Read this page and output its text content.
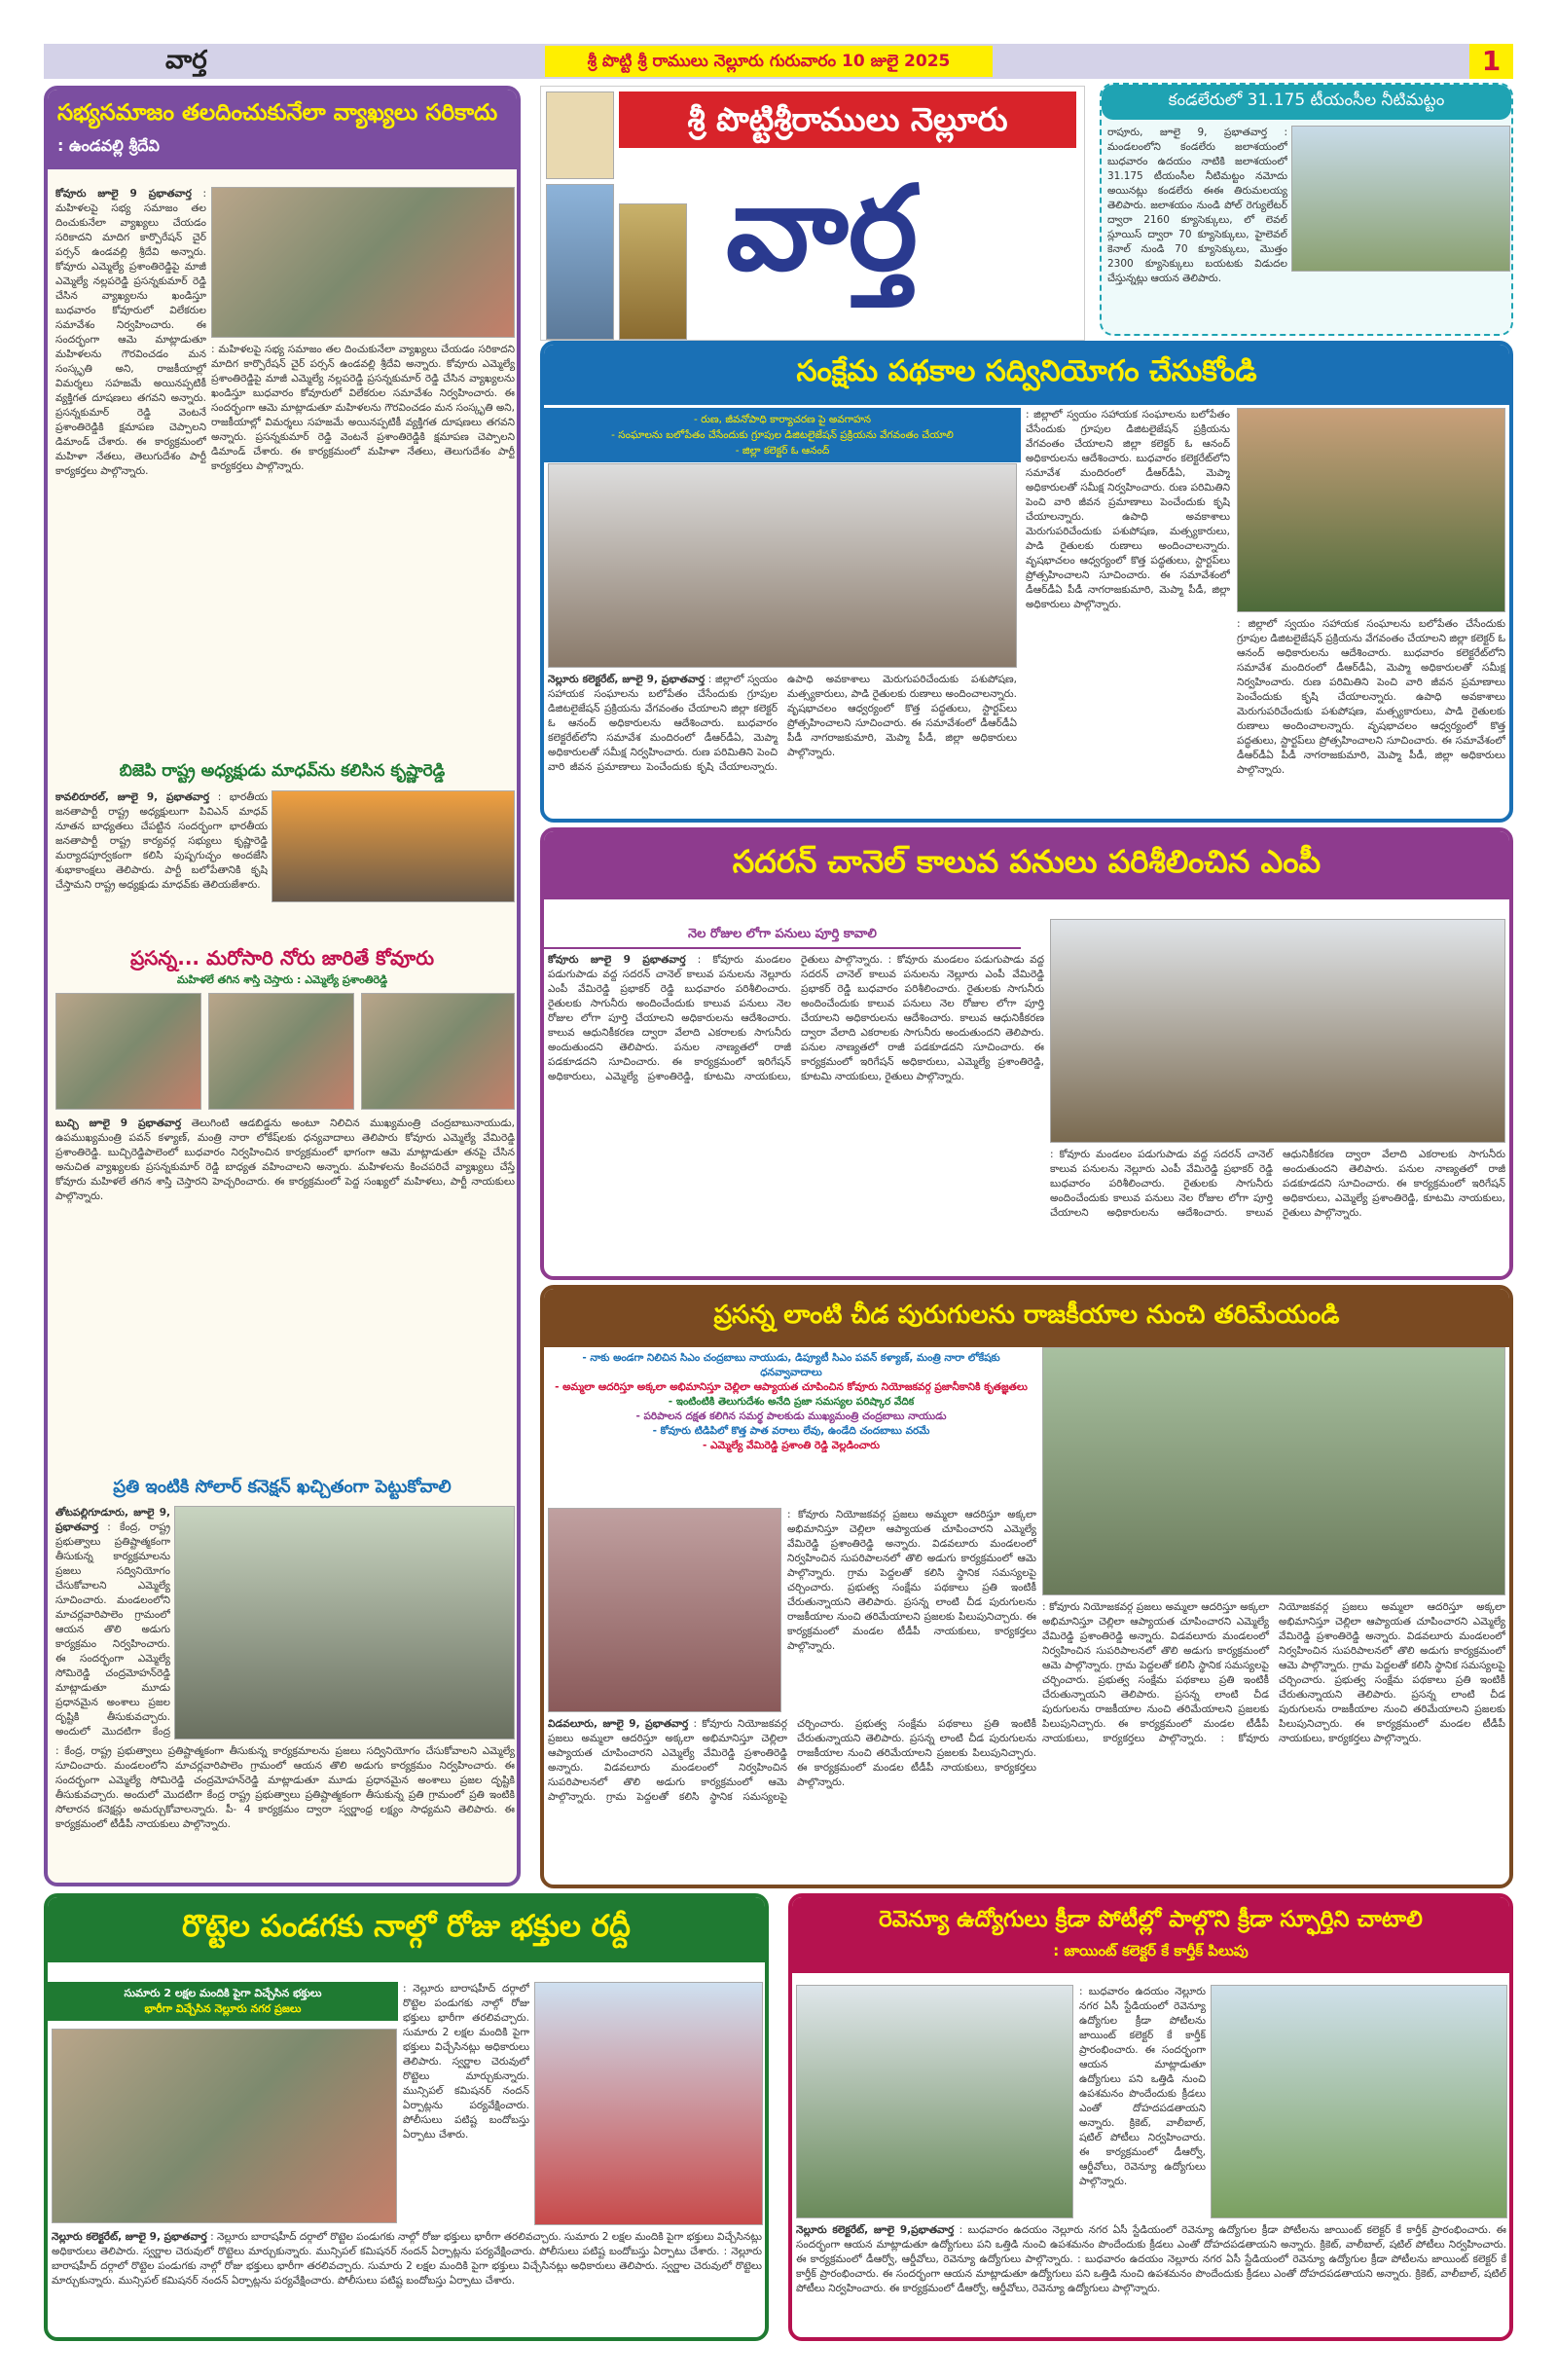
వార్త	శ్రీ పొట్టి శ్రీ రాములు నెల్లూరు గురువారం 10 జులై 2025	1
శ్రీ పొట్టిశ్రీరాములు నెల్లూరు
వార్త
కండలేరులో 31.175 టీయంసీల నీటిమట్టం
రాపూరు, జూలై 9, ప్రభాతవార్త : మండలంలోని కండలేరు జలాశయంలో బుధవారం ఉదయం నాటికి జలాశయంలో 31.175 టీయంసీల నీటిమట్టం నమోదు అయినట్లు కండలేరు ఈఈ తిరుమలయ్య తెలిపారు. జలాశయం నుండి పోల్ రెగ్యులేటర్ ద్వారా 2160 క్యూసెక్కులు, లో లెవల్ స్లూయిస్ ద్వారా 70 క్యూసెక్కులు, హైలెవల్ కెనాల్ నుండి 70 క్యూసెక్కులు, మొత్తం 2300 క్యూసెక్కులు బయటకు విడుదల చేస్తున్నట్లు ఆయన తెలిపారు.
సభ్యసమాజం తలదించుకునేలా వ్యాఖ్యలు సరికాదు
: ఉండవల్లి శ్రీదేవి
కోవూరు జూలై 9 ప్రభాతవార్త : మహిళలపై సభ్య సమాజం తల దించుకునేలా వ్యాఖ్యలు చేయడం సరికాదని మాదిగ కార్పొరేషన్ చైర్ పర్సన్ ఉండవల్లి శ్రీదేవి అన్నారు. కోవూరు ఎమ్మెల్యే ప్రశాంతిరెడ్డిపై మాజీ ఎమ్మెల్యే నల్లపరెడ్డి ప్రసన్నకుమార్ రెడ్డి చేసిన వ్యాఖ్యలను ఖండిస్తూ బుధవారం కోవూరులో విలేకరుల సమావేశం నిర్వహించారు. ఈ సందర్భంగా ఆమె మాట్లాడుతూ మహిళలను గౌరవించడం మన సంస్కృతి అని, రాజకీయాల్లో విమర్శలు సహజమే అయినప్పటికీ వ్యక్తిగత దూషణలు తగవని అన్నారు. ప్రసన్నకుమార్ రెడ్డి వెంటనే ప్రశాంతిరెడ్డికి క్షమాపణ చెప్పాలని డిమాండ్ చేశారు. ఈ కార్యక్రమంలో మహిళా నేతలు, తెలుగుదేశం పార్టీ కార్యకర్తలు పాల్గొన్నారు.
: మహిళలపై సభ్య సమాజం తల దించుకునేలా వ్యాఖ్యలు చేయడం సరికాదని మాదిగ కార్పొరేషన్ చైర్ పర్సన్ ఉండవల్లి శ్రీదేవి అన్నారు. కోవూరు ఎమ్మెల్యే ప్రశాంతిరెడ్డిపై మాజీ ఎమ్మెల్యే నల్లపరెడ్డి ప్రసన్నకుమార్ రెడ్డి చేసిన వ్యాఖ్యలను ఖండిస్తూ బుధవారం కోవూరులో విలేకరుల సమావేశం నిర్వహించారు. ఈ సందర్భంగా ఆమె మాట్లాడుతూ మహిళలను గౌరవించడం మన సంస్కృతి అని, రాజకీయాల్లో విమర్శలు సహజమే అయినప్పటికీ వ్యక్తిగత దూషణలు తగవని అన్నారు. ప్రసన్నకుమార్ రెడ్డి వెంటనే ప్రశాంతిరెడ్డికి క్షమాపణ చెప్పాలని డిమాండ్ చేశారు. ఈ కార్యక్రమంలో మహిళా నేతలు, తెలుగుదేశం పార్టీ కార్యకర్తలు పాల్గొన్నారు.
బిజెపి రాష్ట్ర అధ్యక్షుడు మాధవ్‌ను కలిసిన కృష్ణారెడ్డి
కావలిరూరల్, జూలై 9, ప్రభాతవార్త : భారతీయ జనతాపార్టీ రాష్ట్ర అధ్యక్షులుగా పివిఎన్ మాధవ్ నూతన బాధ్యతలు చేపట్టిన సందర్భంగా భారతీయ జనతాపార్టీ రాష్ట్ర కార్యవర్గ సభ్యులు కృష్ణారెడ్డి మర్యాదపూర్వకంగా కలిసి పుష్పగుచ్ఛం అందజేసి శుభాకాంక్షలు తెలిపారు. పార్టీ బలోపేతానికి కృషి చేస్తామని రాష్ట్ర అధ్యక్షుడు మాధవ్‌కు తెలియజేశారు.
ప్రసన్న... మరోసారి నోరు జారితే కోవూరు
మహిళలే తగిన శాస్తి చెస్తారు : ఎమ్మెల్యే ప్రశాంతిరెడ్డి
బుచ్చి జూలై 9 ప్రభాతవార్త తెలుగింటి ఆడబిడ్డను అంటూ నిలిచిన ముఖ్యమంత్రి చంద్రబాబునాయుడు, ఉపముఖ్యమంత్రి పవన్ కళ్యాణ్, మంత్రి నారా లోకేష్‌లకు ధన్యవాదాలు తెలిపారు కోవూరు ఎమ్మెల్యే వేమిరెడ్డి ప్రశాంతిరెడ్డి. బుచ్చిరెడ్డిపాలెంలో బుధవారం నిర్వహించిన కార్యక్రమంలో భాగంగా ఆమె మాట్లాడుతూ తనపై చేసిన అనుచిత వ్యాఖ్యలకు ప్రసన్నకుమార్ రెడ్డి బాధ్యత వహించాలని అన్నారు. మహిళలను కించపరిచే వ్యాఖ్యలు చేస్తే కోవూరు మహిళలే తగిన శాస్తి చెస్తారని హెచ్చరించారు. ఈ కార్యక్రమంలో పెద్ద సంఖ్యలో మహిళలు, పార్టీ నాయకులు పాల్గొన్నారు.
ప్రతి ఇంటికి సోలార్ కనెక్షన్ ఖచ్చితంగా పెట్టుకోవాలి
తోటపల్లిగూడూరు, జూలై 9, ప్రభాతవార్త : కేంద్ర, రాష్ట్ర ప్రభుత్వాలు ప్రతిష్టాత్మకంగా తీసుకున్న కార్యక్రమాలను ప్రజలు సద్వినియోగం చేసుకోవాలని ఎమ్మెల్యే సూచించారు. మండలంలోని మాచర్లవారిపాలెం గ్రామంలో ఆయన తొలి అడుగు కార్యక్రమం నిర్వహించారు. ఈ సందర్భంగా ఎమ్మెల్యే సోమిరెడ్డి చంద్రమోహన్‌రెడ్డి మాట్లాడుతూ మూడు ప్రధానమైన అంశాలు ప్రజల దృష్టికి తీసుకువచ్చారు. అందులో మొదటిగా కేంద్ర
: కేంద్ర, రాష్ట్ర ప్రభుత్వాలు ప్రతిష్టాత్మకంగా తీసుకున్న కార్యక్రమాలను ప్రజలు సద్వినియోగం చేసుకోవాలని ఎమ్మెల్యే సూచించారు. మండలంలోని మాచర్లవారిపాలెం గ్రామంలో ఆయన తొలి అడుగు కార్యక్రమం నిర్వహించారు. ఈ సందర్భంగా ఎమ్మెల్యే సోమిరెడ్డి చంద్రమోహన్‌రెడ్డి మాట్లాడుతూ మూడు ప్రధానమైన అంశాలు ప్రజల దృష్టికి తీసుకువచ్చారు. అందులో మొదటిగా కేంద్ర రాష్ట్ర ప్రభుత్వాలు ప్రతిష్టాత్మకంగా తీసుకున్న ప్రతి గ్రామంలో ప్రతి ఇంటికి సోలారన కనెక్షన్లు అమర్చుకోవాలన్నారు. పీ- 4 కార్యక్రమం ద్వారా స్వర్ణాంధ్ర లక్ష్యం సాధ్యమని తెలిపారు. ఈ కార్యక్రమంలో టీడీపీ నాయకులు పాల్గొన్నారు.
సంక్షేమ పథకాల సద్వినియోగం చేసుకోండి
- రుణ, జీవనోపాధి కార్యాచరణ పై అవగాహన
- సంఘాలను బలోపేతం చేసేందుకు గ్రూపుల డిజిటలైజేషన్ ప్రక్రియను వేగవంతం చేయాలి
- జిల్లా కలెక్టర్ ఓ ఆనంద్
నెల్లూరు కలెక్టరేట్, జూలై 9, ప్రభాతవార్త : జిల్లాలో స్వయం సహాయక సంఘాలను బలోపేతం చేసేందుకు గ్రూపుల డిజిటలైజేషన్ ప్రక్రియను వేగవంతం చేయాలని జిల్లా కలెక్టర్ ఓ ఆనంద్ అధికారులను ఆదేశించారు. బుధవారం కలెక్టరేట్‌లోని సమావేశ మందిరంలో డీఆర్‌డీఏ, మెప్మా అధికారులతో సమీక్ష నిర్వహించారు. రుణ పరిమితిని పెంచి వారి జీవన ప్రమాణాలు పెంచేందుకు కృషి చేయాలన్నారు. ఉపాధి అవకాశాలు మెరుగుపరిచేందుకు పశుపోషణ, మత్స్యకారులు, పాడి రైతులకు రుణాలు అందించాలన్నారు. వృషభాచలం ఆధ్వర్యంలో కొత్త పద్ధతులు, స్టార్టప్‌లు ప్రోత్సహించాలని సూచించారు. ఈ సమావేశంలో డీఆర్‌డీఏ పీడీ నాగరాజకుమారి, మెప్మా పీడీ, జిల్లా అధికారులు పాల్గొన్నారు.
: జిల్లాలో స్వయం సహాయక సంఘాలను బలోపేతం చేసేందుకు గ్రూపుల డిజిటలైజేషన్ ప్రక్రియను వేగవంతం చేయాలని జిల్లా కలెక్టర్ ఓ ఆనంద్ అధికారులను ఆదేశించారు. బుధవారం కలెక్టరేట్‌లోని సమావేశ మందిరంలో డీఆర్‌డీఏ, మెప్మా అధికారులతో సమీక్ష నిర్వహించారు. రుణ పరిమితిని పెంచి వారి జీవన ప్రమాణాలు పెంచేందుకు కృషి చేయాలన్నారు. ఉపాధి అవకాశాలు మెరుగుపరిచేందుకు పశుపోషణ, మత్స్యకారులు, పాడి రైతులకు రుణాలు అందించాలన్నారు. వృషభాచలం ఆధ్వర్యంలో కొత్త పద్ధతులు, స్టార్టప్‌లు ప్రోత్సహించాలని సూచించారు. ఈ సమావేశంలో డీఆర్‌డీఏ పీడీ నాగరాజకుమారి, మెప్మా పీడీ, జిల్లా అధికారులు పాల్గొన్నారు.
: జిల్లాలో స్వయం సహాయక సంఘాలను బలోపేతం చేసేందుకు గ్రూపుల డిజిటలైజేషన్ ప్రక్రియను వేగవంతం చేయాలని జిల్లా కలెక్టర్ ఓ ఆనంద్ అధికారులను ఆదేశించారు. బుధవారం కలెక్టరేట్‌లోని సమావేశ మందిరంలో డీఆర్‌డీఏ, మెప్మా అధికారులతో సమీక్ష నిర్వహించారు. రుణ పరిమితిని పెంచి వారి జీవన ప్రమాణాలు పెంచేందుకు కృషి చేయాలన్నారు. ఉపాధి అవకాశాలు మెరుగుపరిచేందుకు పశుపోషణ, మత్స్యకారులు, పాడి రైతులకు రుణాలు అందించాలన్నారు. వృషభాచలం ఆధ్వర్యంలో కొత్త పద్ధతులు, స్టార్టప్‌లు ప్రోత్సహించాలని సూచించారు. ఈ సమావేశంలో డీఆర్‌డీఏ పీడీ నాగరాజకుమారి, మెప్మా పీడీ, జిల్లా అధికారులు పాల్గొన్నారు.
సదరన్ చానెల్ కాలువ పనులు పరిశీలించిన ఎంపీ
నెల రోజుల లోగా పనులు పూర్తి కావాలి
కోవూరు జూలై 9 ప్రభాతవార్త : కోవూరు మండలం పడుగుపాడు వద్ద సదరన్ చానెల్ కాలువ పనులను నెల్లూరు ఎంపీ వేమిరెడ్డి ప్రభాకర్ రెడ్డి బుధవారం పరిశీలించారు. రైతులకు సాగునీరు అందించేందుకు కాలువ పనులు నెల రోజుల లోగా పూర్తి చేయాలని అధికారులను ఆదేశించారు. కాలువ ఆధునికీకరణ ద్వారా వేలాది ఎకరాలకు సాగునీరు అందుతుందని తెలిపారు. పనుల నాణ్యతలో రాజీ పడకూడదని సూచించారు. ఈ కార్యక్రమంలో ఇరిగేషన్ అధికారులు, ఎమ్మెల్యే ప్రశాంతిరెడ్డి, కూటమి నాయకులు, రైతులు పాల్గొన్నారు. : కోవూరు మండలం పడుగుపాడు వద్ద సదరన్ చానెల్ కాలువ పనులను నెల్లూరు ఎంపీ వేమిరెడ్డి ప్రభాకర్ రెడ్డి బుధవారం పరిశీలించారు. రైతులకు సాగునీరు అందించేందుకు కాలువ పనులు నెల రోజుల లోగా పూర్తి చేయాలని అధికారులను ఆదేశించారు. కాలువ ఆధునికీకరణ ద్వారా వేలాది ఎకరాలకు సాగునీరు అందుతుందని తెలిపారు. పనుల నాణ్యతలో రాజీ పడకూడదని సూచించారు. ఈ కార్యక్రమంలో ఇరిగేషన్ అధికారులు, ఎమ్మెల్యే ప్రశాంతిరెడ్డి, కూటమి నాయకులు, రైతులు పాల్గొన్నారు.
: కోవూరు మండలం పడుగుపాడు వద్ద సదరన్ చానెల్ కాలువ పనులను నెల్లూరు ఎంపీ వేమిరెడ్డి ప్రభాకర్ రెడ్డి బుధవారం పరిశీలించారు. రైతులకు సాగునీరు అందించేందుకు కాలువ పనులు నెల రోజుల లోగా పూర్తి చేయాలని అధికారులను ఆదేశించారు. కాలువ ఆధునికీకరణ ద్వారా వేలాది ఎకరాలకు సాగునీరు అందుతుందని తెలిపారు. పనుల నాణ్యతలో రాజీ పడకూడదని సూచించారు. ఈ కార్యక్రమంలో ఇరిగేషన్ అధికారులు, ఎమ్మెల్యే ప్రశాంతిరెడ్డి, కూటమి నాయకులు, రైతులు పాల్గొన్నారు.
ప్రసన్న లాంటి చీడ పురుగులను రాజకీయాల నుంచి తరిమేయండి
- నాకు అండగా నిలిచిన సిఎం చంద్రబాబు నాయుడు, డిప్యూటీ సిఎం పవన్ కళ్యాణ్, మంత్రి నారా లోకేషకు ధనవ్వావాదాలు
- అమ్మలా ఆదరిస్తూ అక్కలా అభిమానిస్తూ చెల్లిలా ఆప్యాయత చూపించిన కోవూరు నియోజకవర్గ ప్రజానీకానికి కృతజ్ఞతలు
- ఇంటింటికి తెలుగుదేశం అనేది ప్రజా సమస్యల పరిష్కార వేదిక
- పరిపాలన దక్షత కలిగిన సమర్థ పాలకుడు ముఖ్యమంత్రి చంద్రబాబు నాయుడు
- కోవూరు టిడిపిలో కొత్త పాత వరాలు లేవు, ఉండేది చందబాబు వరమే
- ఎమ్మెల్యే వేమిరెడ్డి ప్రశాంతి రెడ్డి వెల్లడించారు
: కోవూరు నియోజకవర్గ ప్రజలు అమ్మలా ఆదరిస్తూ అక్కలా అభిమానిస్తూ చెల్లిలా ఆప్యాయత చూపించారని ఎమ్మెల్యే వేమిరెడ్డి ప్రశాంతిరెడ్డి అన్నారు. విడవలూరు మండలంలో నిర్వహించిన సుపరిపాలనలో తొలి అడుగు కార్యక్రమంలో ఆమె పాల్గొన్నారు. గ్రామ పెద్దలతో కలిసి స్థానిక సమస్యలపై చర్చించారు. ప్రభుత్వ సంక్షేమ పథకాలు ప్రతి ఇంటికీ చేరుతున్నాయని తెలిపారు. ప్రసన్న లాంటి చీడ పురుగులను రాజకీయాల నుంచి తరిమేయాలని ప్రజలకు పిలుపునిచ్చారు. ఈ కార్యక్రమంలో మండల టీడీపీ నాయకులు, కార్యకర్తలు పాల్గొన్నారు.
విడవలూరు, జూలై 9, ప్రభాతవార్త : కోవూరు నియోజకవర్గ ప్రజలు అమ్మలా ఆదరిస్తూ అక్కలా అభిమానిస్తూ చెల్లిలా ఆప్యాయత చూపించారని ఎమ్మెల్యే వేమిరెడ్డి ప్రశాంతిరెడ్డి అన్నారు. విడవలూరు మండలంలో నిర్వహించిన సుపరిపాలనలో తొలి అడుగు కార్యక్రమంలో ఆమె పాల్గొన్నారు. గ్రామ పెద్దలతో కలిసి స్థానిక సమస్యలపై చర్చించారు. ప్రభుత్వ సంక్షేమ పథకాలు ప్రతి ఇంటికీ చేరుతున్నాయని తెలిపారు. ప్రసన్న లాంటి చీడ పురుగులను రాజకీయాల నుంచి తరిమేయాలని ప్రజలకు పిలుపునిచ్చారు. ఈ కార్యక్రమంలో మండల టీడీపీ నాయకులు, కార్యకర్తలు పాల్గొన్నారు.
: కోవూరు నియోజకవర్గ ప్రజలు అమ్మలా ఆదరిస్తూ అక్కలా అభిమానిస్తూ చెల్లిలా ఆప్యాయత చూపించారని ఎమ్మెల్యే వేమిరెడ్డి ప్రశాంతిరెడ్డి అన్నారు. విడవలూరు మండలంలో నిర్వహించిన సుపరిపాలనలో తొలి అడుగు కార్యక్రమంలో ఆమె పాల్గొన్నారు. గ్రామ పెద్దలతో కలిసి స్థానిక సమస్యలపై చర్చించారు. ప్రభుత్వ సంక్షేమ పథకాలు ప్రతి ఇంటికీ చేరుతున్నాయని తెలిపారు. ప్రసన్న లాంటి చీడ పురుగులను రాజకీయాల నుంచి తరిమేయాలని ప్రజలకు పిలుపునిచ్చారు. ఈ కార్యక్రమంలో మండల టీడీపీ నాయకులు, కార్యకర్తలు పాల్గొన్నారు. : కోవూరు నియోజకవర్గ ప్రజలు అమ్మలా ఆదరిస్తూ అక్కలా అభిమానిస్తూ చెల్లిలా ఆప్యాయత చూపించారని ఎమ్మెల్యే వేమిరెడ్డి ప్రశాంతిరెడ్డి అన్నారు. విడవలూరు మండలంలో నిర్వహించిన సుపరిపాలనలో తొలి అడుగు కార్యక్రమంలో ఆమె పాల్గొన్నారు. గ్రామ పెద్దలతో కలిసి స్థానిక సమస్యలపై చర్చించారు. ప్రభుత్వ సంక్షేమ పథకాలు ప్రతి ఇంటికీ చేరుతున్నాయని తెలిపారు. ప్రసన్న లాంటి చీడ పురుగులను రాజకీయాల నుంచి తరిమేయాలని ప్రజలకు పిలుపునిచ్చారు. ఈ కార్యక్రమంలో మండల టీడీపీ నాయకులు, కార్యకర్తలు పాల్గొన్నారు.
రొట్టెల పండగకు నాల్గో రోజు భక్తుల రద్దీ
సుమారు 2 లక్షల మందికి పైగా విచ్చేసిన భక్తులు
భారీగా విచ్చేసిన నెల్లూరు నగర ప్రజలు
: నెల్లూరు బారాషహీద్ దర్గాలో రొట్టెల పండుగకు నాల్గో రోజు భక్తులు భారీగా తరలివచ్చారు. సుమారు 2 లక్షల మందికి పైగా భక్తులు విచ్చేసినట్లు అధికారులు తెలిపారు. స్వర్ణాల చెరువులో రొట్టెలు మార్చుకున్నారు. మున్సిపల్ కమిషనర్ నందన్ ఏర్పాట్లను పర్యవేక్షించారు. పోలీసులు పటిష్ట బందోబస్తు ఏర్పాటు చేశారు.
నెల్లూరు కలెక్టరేట్, జూలై 9, ప్రభాతవార్త : నెల్లూరు బారాషహీద్ దర్గాలో రొట్టెల పండుగకు నాల్గో రోజు భక్తులు భారీగా తరలివచ్చారు. సుమారు 2 లక్షల మందికి పైగా భక్తులు విచ్చేసినట్లు అధికారులు తెలిపారు. స్వర్ణాల చెరువులో రొట్టెలు మార్చుకున్నారు. మున్సిపల్ కమిషనర్ నందన్ ఏర్పాట్లను పర్యవేక్షించారు. పోలీసులు పటిష్ట బందోబస్తు ఏర్పాటు చేశారు. : నెల్లూరు బారాషహీద్ దర్గాలో రొట్టెల పండుగకు నాల్గో రోజు భక్తులు భారీగా తరలివచ్చారు. సుమారు 2 లక్షల మందికి పైగా భక్తులు విచ్చేసినట్లు అధికారులు తెలిపారు. స్వర్ణాల చెరువులో రొట్టెలు మార్చుకున్నారు. మున్సిపల్ కమిషనర్ నందన్ ఏర్పాట్లను పర్యవేక్షించారు. పోలీసులు పటిష్ట బందోబస్తు ఏర్పాటు చేశారు.
రెవెన్యూ ఉద్యోగులు క్రీడా పోటీల్లో పాల్గొని క్రీడా స్ఫూర్తిని చాటాలి
: జాయింట్ కలెక్టర్ కే కార్తీక్ పిలుపు
: బుధవారం ఉదయం నెల్లూరు నగర ఏసీ స్టేడియంలో రెవెన్యూ ఉద్యోగుల క్రీడా పోటీలను జాయింట్ కలెక్టర్ కే కార్తీక్ ప్రారంభించారు. ఈ సందర్భంగా ఆయన మాట్లాడుతూ ఉద్యోగులు పని ఒత్తిడి నుంచి ఉపశమనం పొందేందుకు క్రీడలు ఎంతో దోహదపడతాయని అన్నారు. క్రికెట్, వాలీబాల్, షటిల్ పోటీలు నిర్వహించారు. ఈ కార్యక్రమంలో డీఆర్వో, ఆర్డీవోలు, రెవెన్యూ ఉద్యోగులు పాల్గొన్నారు.
నెల్లూరు కలెక్టరేట్, జూలై 9,ప్రభాతవార్త : బుధవారం ఉదయం నెల్లూరు నగర ఏసీ స్టేడియంలో రెవెన్యూ ఉద్యోగుల క్రీడా పోటీలను జాయింట్ కలెక్టర్ కే కార్తీక్ ప్రారంభించారు. ఈ సందర్భంగా ఆయన మాట్లాడుతూ ఉద్యోగులు పని ఒత్తిడి నుంచి ఉపశమనం పొందేందుకు క్రీడలు ఎంతో దోహదపడతాయని అన్నారు. క్రికెట్, వాలీబాల్, షటిల్ పోటీలు నిర్వహించారు. ఈ కార్యక్రమంలో డీఆర్వో, ఆర్డీవోలు, రెవెన్యూ ఉద్యోగులు పాల్గొన్నారు. : బుధవారం ఉదయం నెల్లూరు నగర ఏసీ స్టేడియంలో రెవెన్యూ ఉద్యోగుల క్రీడా పోటీలను జాయింట్ కలెక్టర్ కే కార్తీక్ ప్రారంభించారు. ఈ సందర్భంగా ఆయన మాట్లాడుతూ ఉద్యోగులు పని ఒత్తిడి నుంచి ఉపశమనం పొందేందుకు క్రీడలు ఎంతో దోహదపడతాయని అన్నారు. క్రికెట్, వాలీబాల్, షటిల్ పోటీలు నిర్వహించారు. ఈ కార్యక్రమంలో డీఆర్వో, ఆర్డీవోలు, రెవెన్యూ ఉద్యోగులు పాల్గొన్నారు.
